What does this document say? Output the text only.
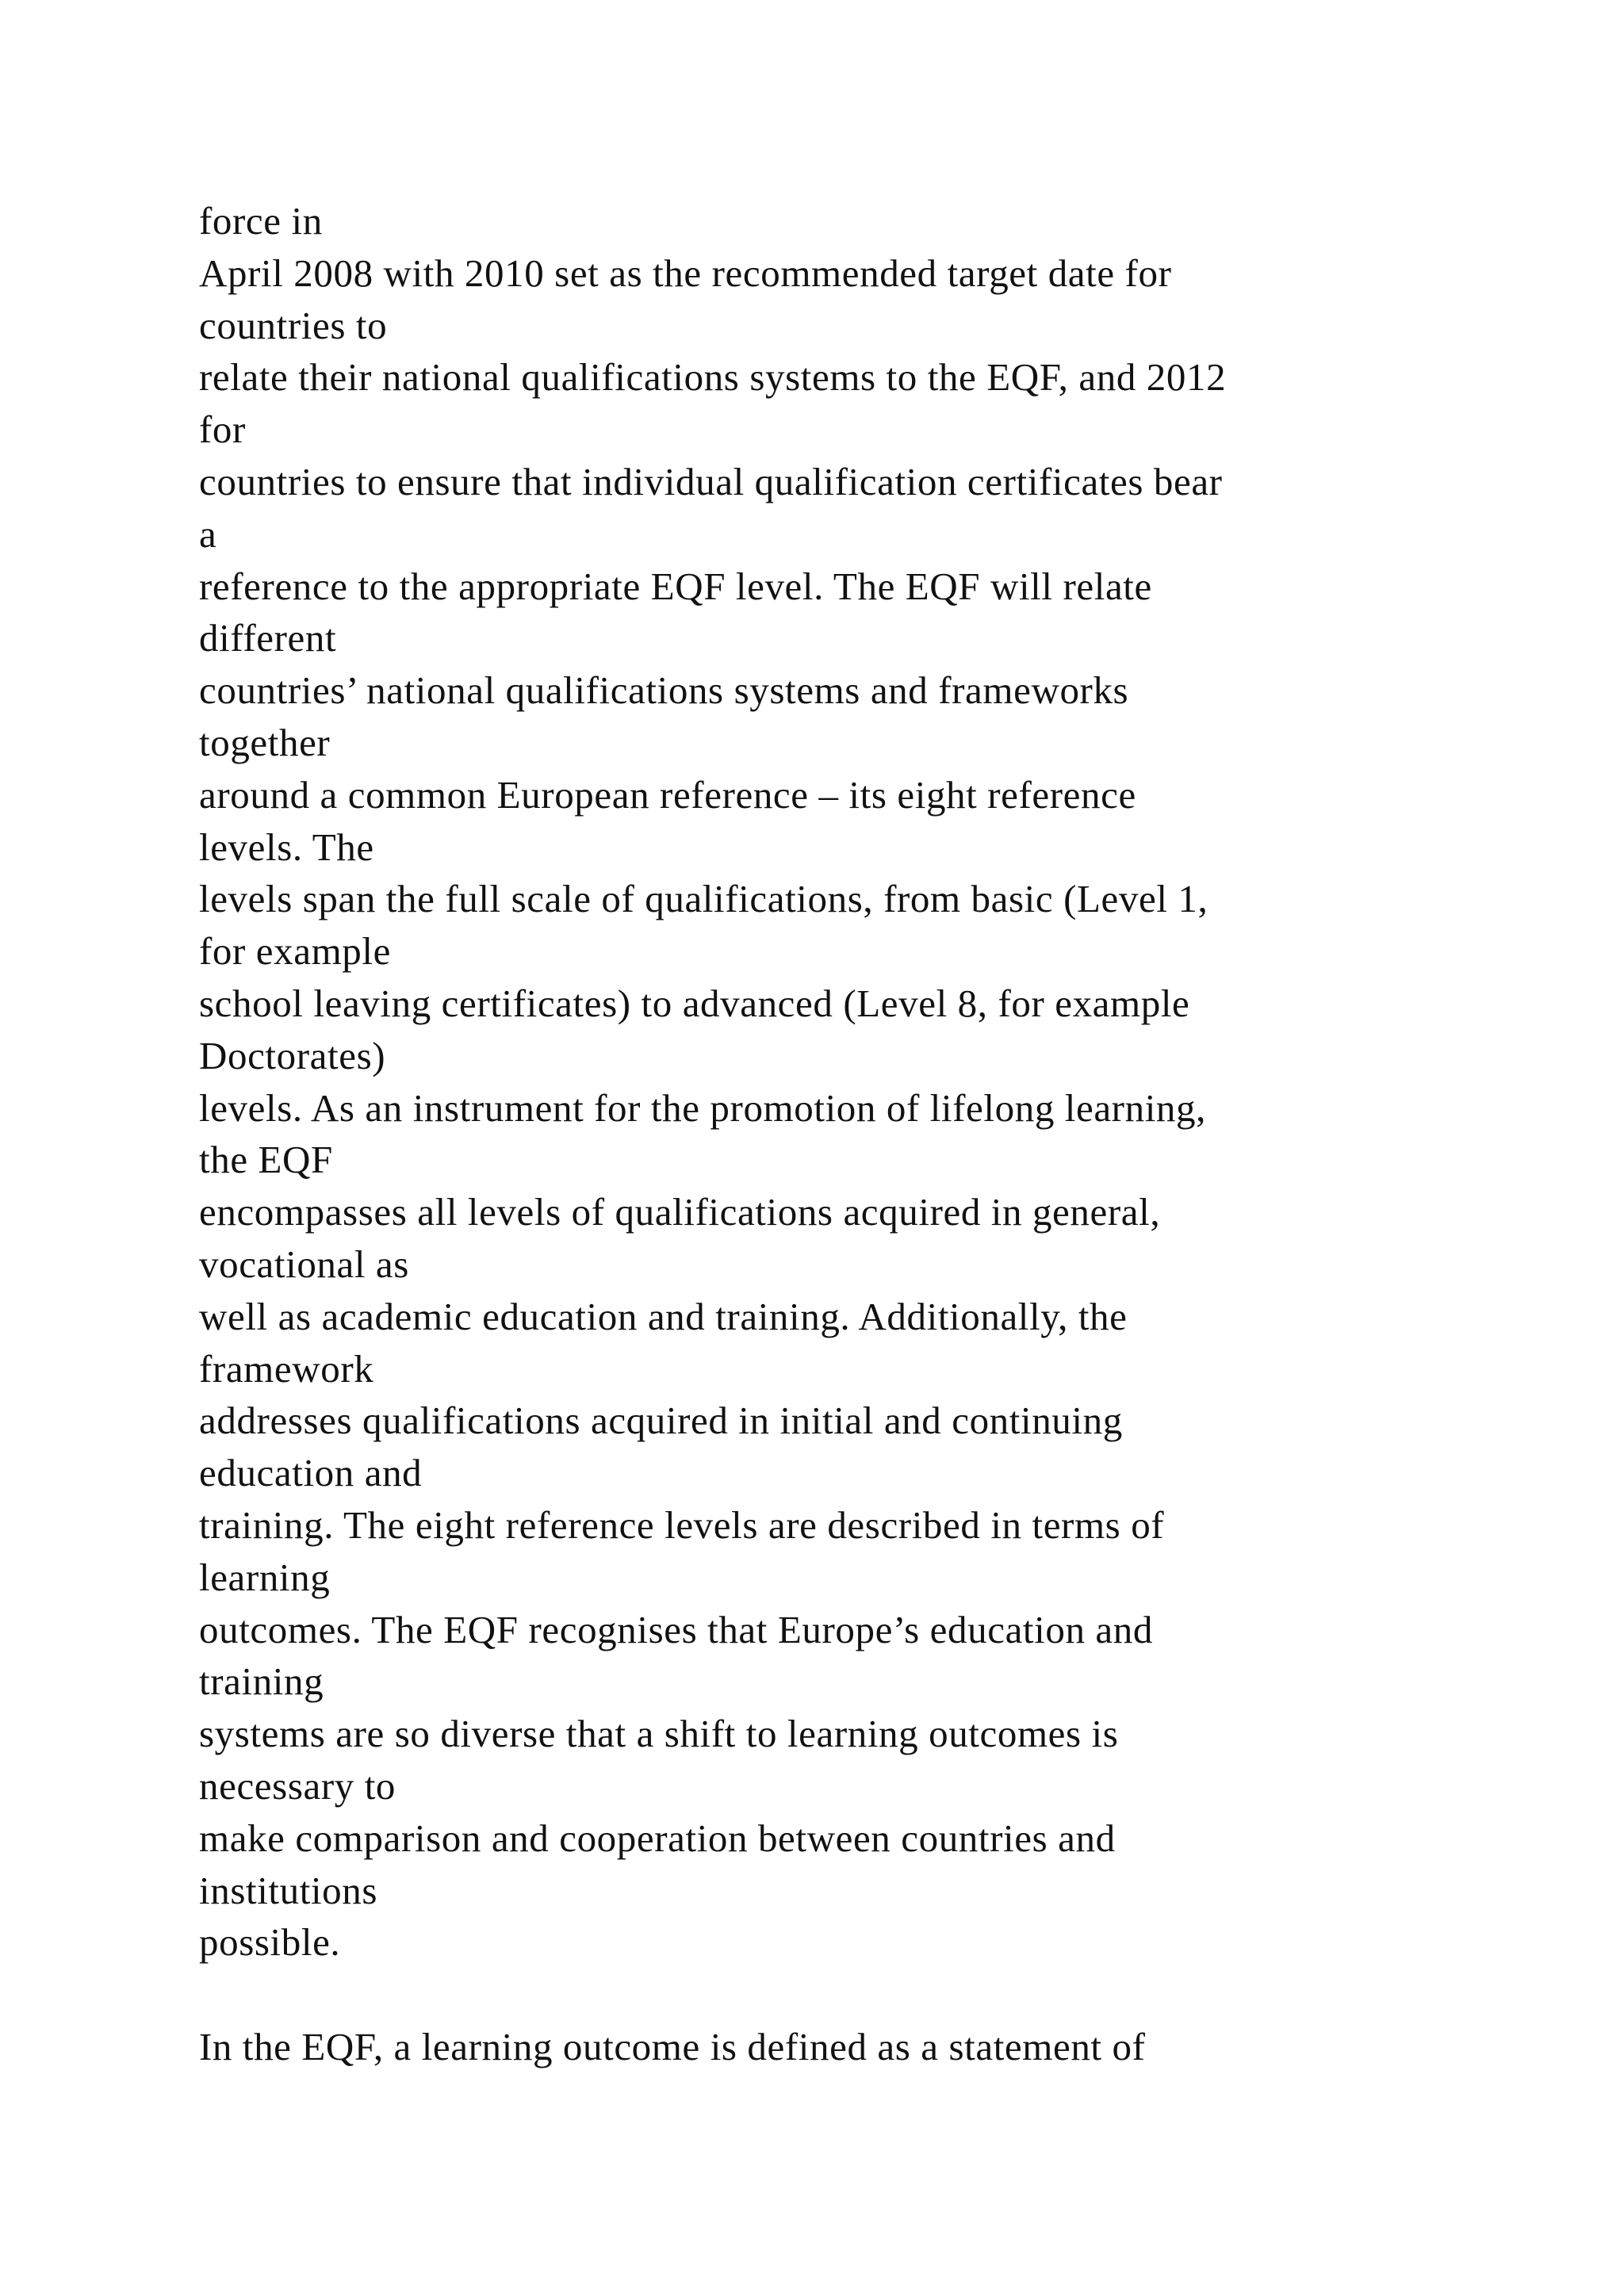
force in
April 2008 with 2010 set as the recommended target date for
countries to
relate their national qualifications systems to the EQF, and 2012
for
countries to ensure that individual qualification certificates bear
a
reference to the appropriate EQF level. The EQF will relate
different
countries’ national qualifications systems and frameworks
together
around a common European reference – its eight reference
levels. The
levels span the full scale of qualifications, from basic (Level 1,
for example
school leaving certificates) to advanced (Level 8, for example
Doctorates)
levels. As an instrument for the promotion of lifelong learning,
the EQF
encompasses all levels of qualifications acquired in general,
vocational as
well as academic education and training. Additionally, the
framework
addresses qualifications acquired in initial and continuing
education and
training. The eight reference levels are described in terms of
learning
outcomes. The EQF recognises that Europe’s education and
training
systems are so diverse that a shift to learning outcomes is
necessary to
make comparison and cooperation between countries and
institutions
possible.
In the EQF, a learning outcome is defined as a statement of
